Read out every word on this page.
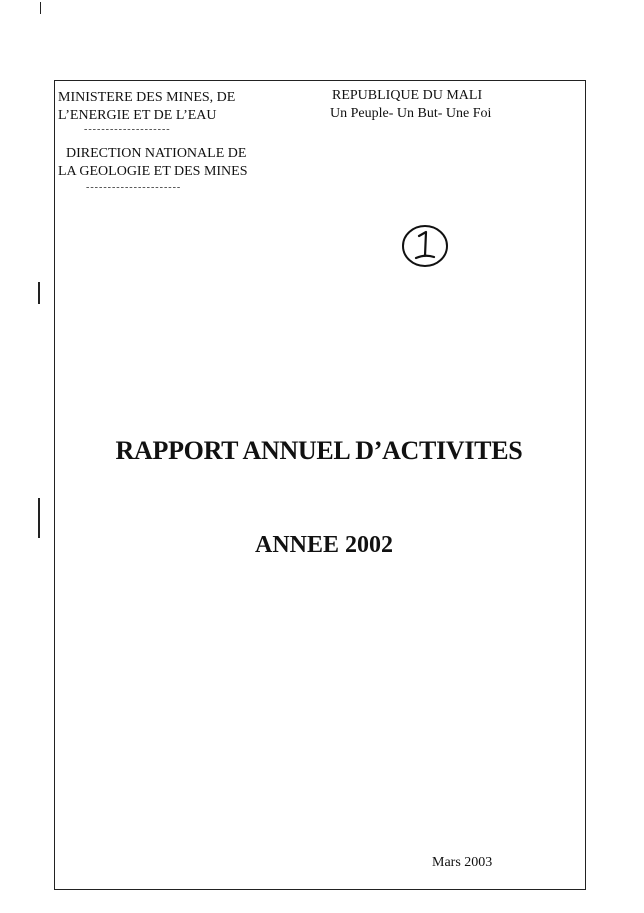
MINISTERE DES MINES, DE
L’ENERGIE ET DE L’EAU
--------------------
DIRECTION NATIONALE DE
LA GEOLOGIE ET DES MINES
----------------------
REPUBLIQUE DU MALI
Un Peuple- Un But- Une Foi
RAPPORT ANNUEL D’ACTIVITES
ANNEE 2002
Mars 2003
